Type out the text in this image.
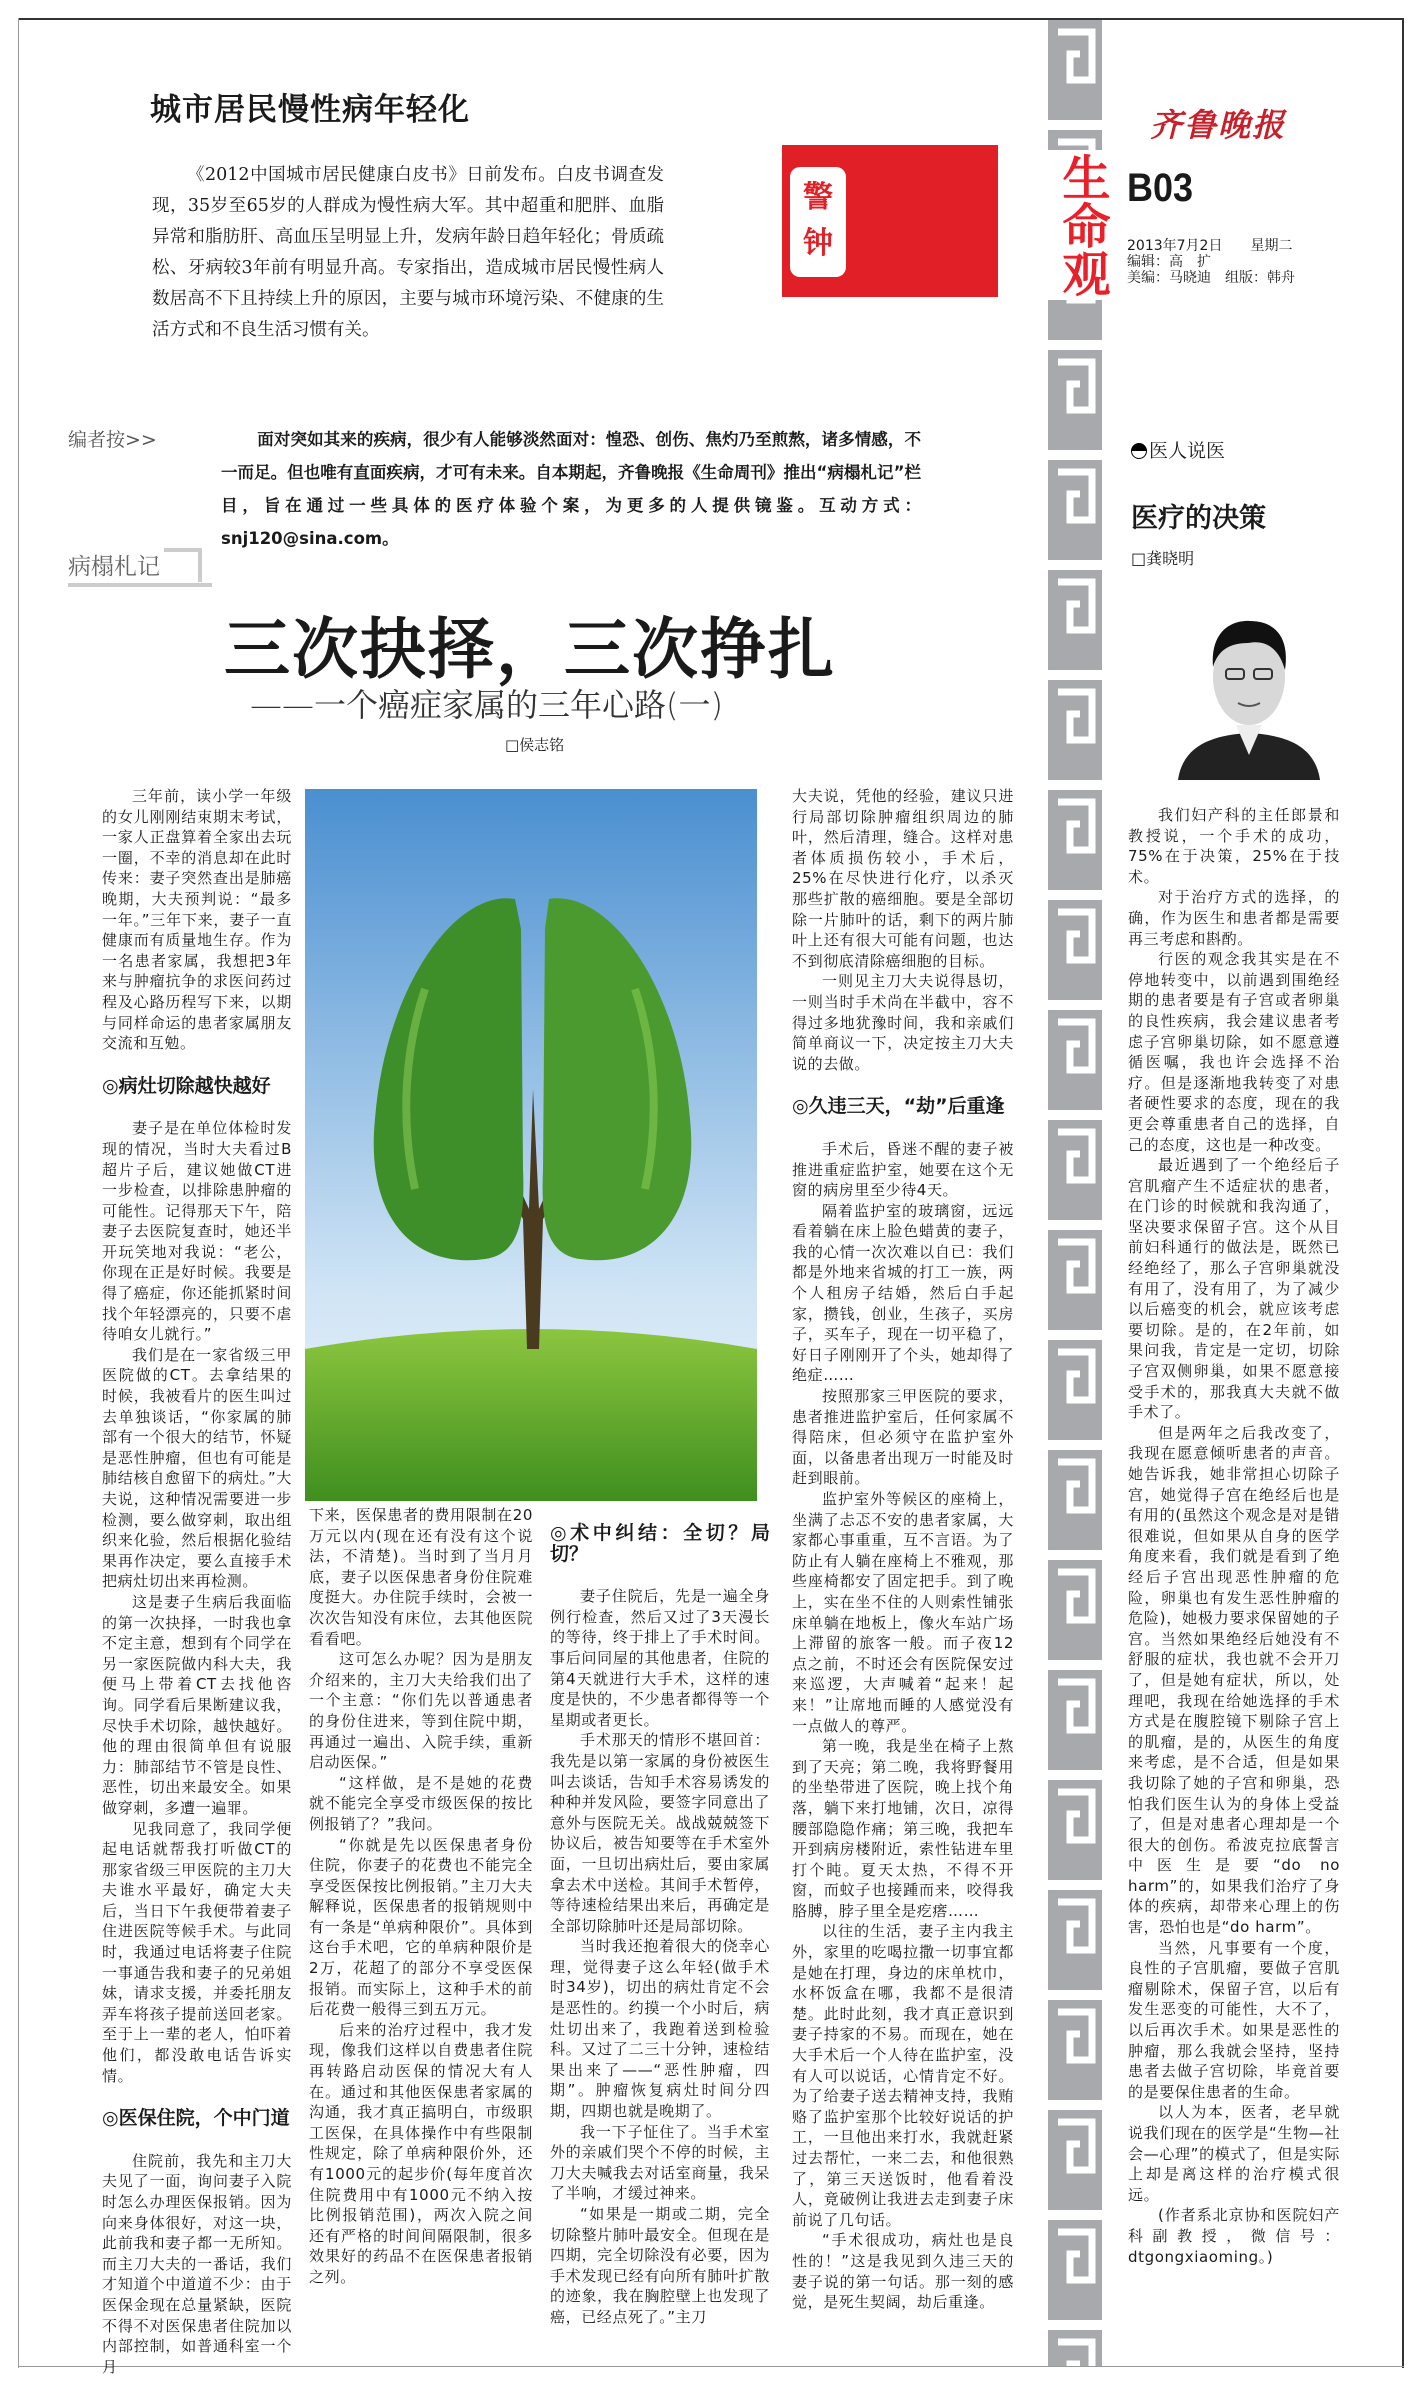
生命观
城市居民慢性病年轻化
《2012中国城市居民健康白皮书》日前发布。白皮书调查发现，35岁至65岁的人群成为慢性病大军。其中超重和肥胖、血脂异常和脂肪肝、高血压呈明显上升，发病年龄日趋年轻化；骨质疏松、牙病较3年前有明显升高。专家指出，造成城市居民慢性病人数居高不下且持续上升的原因，主要与城市环境污染、不健康的生活方式和不良生活习惯有关。
警
钟
齐鲁晚报
B03
2013年7月2日　　 星期二
编辑：高　扩
美编：马晓迪　组版：韩舟
编者按>>	面对突如其来的疾病，很少有人能够淡然面对：惶恐、创伤、焦灼乃至煎熬，诸多情感，不一而足。但也唯有直面疾病，才可有未来。自本期起，齐鲁晚报《生命周刊》推出“病榻札记”栏目，旨在通过一些具体的医疗体验个案，为更多的人提供镜鉴。互动方式：snj120@sina.com。
病榻札记
三次抉择，三次挣扎
——一个癌症家属的三年心路(一)
□侯志铭

三年前，读小学一年级的女儿刚刚结束期末考试，一家人正盘算着全家出去玩一圈，不幸的消息却在此时传来：妻子突然查出是肺癌晚期，大夫预判说：“最多一年。”三年下来，妻子一直健康而有质量地生存。作为一名患者家属，我想把3年来与肿瘤抗争的求医问药过程及心路历程写下来，以期与同样命运的患者家属朋友交流和互勉。

◎病灶切除越快越好

妻子是在单位体检时发现的情况，当时大夫看过B超片子后，建议她做CT进一步检查，以排除患肿瘤的可能性。记得那天下午，陪妻子去医院复查时，她还半开玩笑地对我说：“老公，你现在正是好时候。我要是得了癌症，你还能抓紧时间找个年轻漂亮的，只要不虐待咱女儿就行。”

我们是在一家省级三甲医院做的CT。去拿结果的时候，我被看片的医生叫过去单独谈话，“你家属的肺部有一个很大的结节，怀疑是恶性肿瘤，但也有可能是肺结核自愈留下的病灶。”大夫说，这种情况需要进一步检测，要么做穿刺，取出组织来化验，然后根据化验结果再作决定，要么直接手术把病灶切出来再检测。

这是妻子生病后我面临的第一次抉择，一时我也拿不定主意，想到有个同学在另一家医院做内科大夫，我便马上带着CT去找他咨询。同学看后果断建议我，尽快手术切除，越快越好。他的理由很简单但有说服力：肺部结节不管是良性、恶性，切出来最安全。如果做穿刺，多遭一遍罪。

见我同意了，我同学便起电话就帮我打听做CT的那家省级三甲医院的主刀大夫谁水平最好，确定大夫后，当日下午我便带着妻子住进医院等候手术。与此同时，我通过电话将妻子住院一事通告我和妻子的兄弟姐妹，请求支援，并委托朋友弄车将孩子提前送回老家。至于上一辈的老人，怕吓着他们，都没敢电话告诉实情。

◎医保住院，个中门道

住院前，我先和主刀大夫见了一面，询问妻子入院时怎么办理医保报销。因为向来身体很好，对这一块，此前我和妻子都一无所知。而主刀大夫的一番话，我们才知道个中道道不少：由于医保金现在总量紧缺，医院不得不对医保患者住院加以内部控制，如普通科室一个月

下来，医保患者的费用限制在20万元以内(现在还有没有这个说法，不清楚)。当时到了当月月底，妻子以医保患者身份住院难度挺大。办住院手续时，会被一次次告知没有床位，去其他医院看看吧。

这可怎么办呢？因为是朋友介绍来的，主刀大夫给我们出了一个主意：“你们先以普通患者的身份住进来，等到住院中期，再通过一遍出、入院手续，重新启动医保。”

“这样做，是不是她的花费就不能完全享受市级医保的按比例报销了？”我问。

“你就是先以医保患者身份住院，你妻子的花费也不能完全享受医保按比例报销。”主刀大夫解释说，医保患者的报销规则中有一条是“单病种限价”。具体到这台手术吧，它的单病种限价是2万，花超了的部分不享受医保报销。而实际上，这种手术的前后花费一般得三到五万元。

后来的治疗过程中，我才发现，像我们这样以自费患者住院再转路启动医保的情况大有人在。通过和其他医保患者家属的沟通，我才真正搞明白，市级职工医保，在具体操作中有些限制性规定，除了单病种限价外，还有1000元的起步价(每年度首次住院费用中有1000元不纳入按比例报销范围)，两次入院之间还有严格的时间间隔限制，很多效果好的药品不在医保患者报销之列。

◎术中纠结：全切？局切？

妻子住院后，先是一遍全身例行检查，然后又过了3天漫长的等待，终于排上了手术时间。事后问同屋的其他患者，住院的第4天就进行大手术，这样的速度是快的，不少患者都得等一个星期或者更长。

手术那天的情形不堪回首：我先是以第一家属的身份被医生叫去谈话，告知手术容易诱发的种种并发风险，要签字同意出了意外与医院无关。战战兢兢签下协议后，被告知要等在手术室外面，一旦切出病灶后，要由家属拿去术中送检。其间手术暂停，等待速检结果出来后，再确定是全部切除肺叶还是局部切除。

当时我还抱着很大的侥幸心理，觉得妻子这么年轻(做手术时34岁)，切出的病灶肯定不会是恶性的。约摸一个小时后，病灶切出来了，我跑着送到检验科。又过了二三十分钟，速检结果出来了——“恶性肿瘤，四期”。肿瘤恢复病灶时间分四期，四期也就是晚期了。

我一下子怔住了。当手术室外的亲戚们哭个不停的时候，主刀大夫喊我去对话室商量，我呆了半响，才缓过神来。

“如果是一期或二期，完全切除整片肺叶最安全。但现在是四期，完全切除没有必要，因为手术发现已经有向所有肺叶扩散的迹象，我在胸腔壁上也发现了癌，已经点死了。”主刀

大夫说，凭他的经验，建议只进行局部切除肿瘤组织周边的肺叶，然后清理，缝合。这样对患者体质损伤较小，手术后，25%在尽快进行化疗，以杀灭那些扩散的癌细胞。要是全部切除一片肺叶的话，剩下的两片肺叶上还有很大可能有问题，也达不到彻底清除癌细胞的目标。

一则见主刀大夫说得恳切，一则当时手术尚在半截中，容不得过多地犹豫时间，我和亲戚们简单商议一下，决定按主刀大夫说的去做。

◎久违三天，“劫”后重逢

手术后，昏迷不醒的妻子被推进重症监护室，她要在这个无窗的病房里至少待4天。

隔着监护室的玻璃窗，远远看着躺在床上脸色蜡黄的妻子，我的心情一次次难以自已：我们都是外地来省城的打工一族，两个人租房子结婚，然后白手起家，攒钱，创业，生孩子，买房子，买车子，现在一切平稳了，好日子刚刚开了个头，她却得了绝症……

按照那家三甲医院的要求，患者推进监护室后，任何家属不得陪床，但必须守在监护室外面，以备患者出现万一时能及时赶到眼前。

监护室外等候区的座椅上，坐满了忐忑不安的患者家属，大家都心事重重，互不言语。为了防止有人躺在座椅上不雅观，那些座椅都安了固定把手。到了晚上，实在坐不住的人则索性铺张床单躺在地板上，像火车站广场上滞留的旅客一般。而子夜12点之前，不时还会有医院保安过来巡逻，大声喊着“起来！起来！”让席地而睡的人感觉没有一点做人的尊严。

第一晚，我是坐在椅子上熬到了天亮；第二晚，我将野餐用的坐垫带进了医院，晚上找个角落，躺下来打地铺，次日，凉得腰部隐隐作痛；第三晚，我把车开到病房楼附近，索性钻进车里打个盹。夏天太热，不得不开窗，而蚊子也接踵而来，咬得我胳膊，脖子里全是疙瘩……

以往的生活，妻子主内我主外，家里的吃喝拉撒一切事宜都是她在打理，身边的床单枕巾，水杯饭盒在哪，我都不是很清楚。此时此刻，我才真正意识到妻子持家的不易。而现在，她在大手术后一个人待在监护室，没有人可以说话，心情肯定不好。为了给妻子送去精神支持，我贿赂了监护室那个比较好说话的护工，一旦他出来打水，我就赶紧过去帮忙，一来二去，和他很熟了，第三天送饭时，他看着没人，竟破例让我进去走到妻子床前说了几句话。

“手术很成功，病灶也是良性的！”这是我见到久违三天的妻子说的第一句话。那一刻的感觉，是死生契阔，劫后重逢。

医人说医
医疗的决策
□龚晓明

我们妇产科的主任郎景和教授说，一个手术的成功，75%在于决策，25%在于技术。

对于治疗方式的选择，的确，作为医生和患者都是需要再三考虑和斟酌。

行医的观念我其实是在不停地转变中，以前遇到围绝经期的患者要是有子宫或者卵巢的良性疾病，我会建议患者考虑子宫卵巢切除，如不愿意遵循医嘱，我也许会选择不治疗。但是逐渐地我转变了对患者硬性要求的态度，现在的我更会尊重患者自己的选择，自己的态度，这也是一种改变。

最近遇到了一个绝经后子宫肌瘤产生不适症状的患者，在门诊的时候就和我沟通了，坚决要求保留子宫。这个从目前妇科通行的做法是，既然已经绝经了，那么子宫卵巢就没有用了，没有用了，为了减少以后癌变的机会，就应该考虑要切除。是的，在2年前，如果问我，肯定是一定切，切除子宫双侧卵巢，如果不愿意接受手术的，那我真大夫就不做手术了。

但是两年之后我改变了，我现在愿意倾听患者的声音。她告诉我，她非常担心切除子宫，她觉得子宫在绝经后也是有用的(虽然这个观念是对是错很难说，但如果从自身的医学角度来看，我们就是看到了绝经后子宫出现恶性肿瘤的危险，卵巢也有发生恶性肿瘤的危险)，她极力要求保留她的子宫。当然如果绝经后她没有不舒服的症状，我也就不会开刀了，但是她有症状，所以，处理吧，我现在给她选择的手术方式是在腹腔镜下剔除子宫上的肌瘤，是的，从医生的角度来考虑，是不合适，但是如果我切除了她的子宫和卵巢，恐怕我们医生认为的身体上受益了，但是对患者心理却是一个很大的创伤。希波克拉底誓言中医生是要“do no harm”的，如果我们治疗了身体的疾病，却带来心理上的伤害，恐怕也是“do harm”。

当然，凡事要有一个度，良性的子宫肌瘤，要做子宫肌瘤剔除术，保留子宫，以后有发生恶变的可能性，大不了，以后再次手术。如果是恶性的肿瘤，那么我就会坚持，坚持患者去做子宫切除，毕竟首要的是要保住患者的生命。

以人为本，医者，老早就说我们现在的医学是“生物—社会—心理”的模式了，但是实际上却是离这样的治疗模式很远。

(作者系北京协和医院妇产科副教授，微信号：dtgongxiaoming。)
